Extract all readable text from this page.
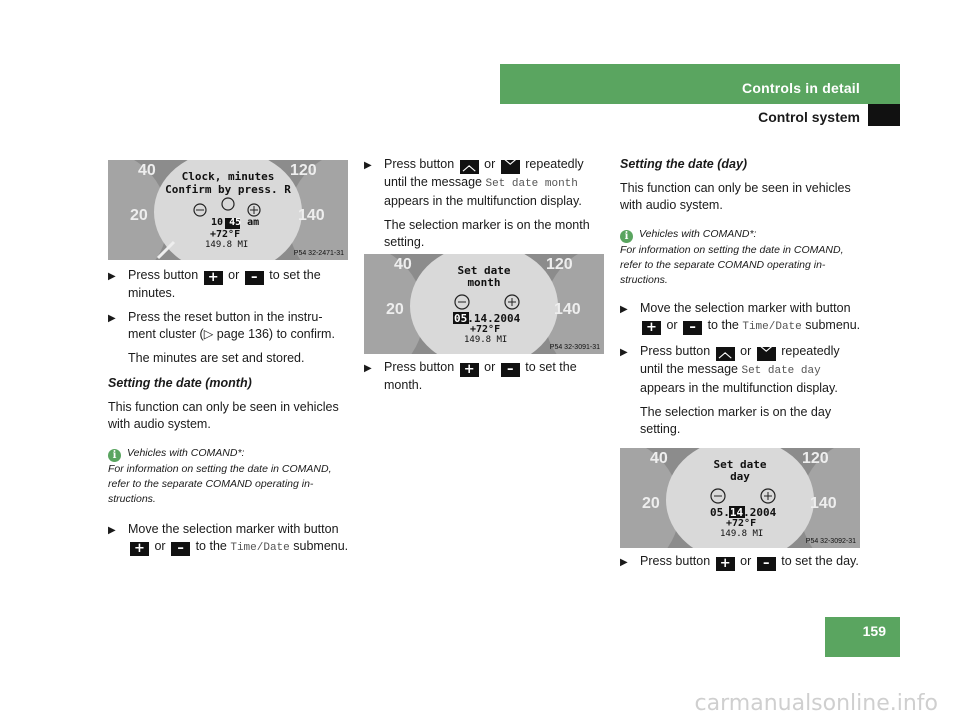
Controls in detail
Control system
40
20
120
140
Clock, minutes
Confirm by press. R
10:45 am
+72°F
149.8 MI
P54 32-2471-31

▶ Press button + or – to set the minutes.

▶ Press the reset button in the instru-ment cluster (▷ page 136) to confirm.

The minutes are set and stored.

Setting the date (month)

This function can only be seen in vehicles with audio system.

i Vehicles with COMAND*:
For information on setting the date in COMAND, refer to the separate COMAND operating in-structions.

▶ Move the selection marker with button + or – to the Time/Date submenu.

▶ Press button ︿ or ﹀ repeatedly until the message Set date month appears in the multifunction display.

The selection marker is on the month setting.

40
20
120
140
Set date
month
05.14.2004
+72°F
149.8 MI
P54 32-3091-31

▶ Press button + or – to set the month.

Setting the date (day)

This function can only be seen in vehicles with audio system.

i Vehicles with COMAND*:
For information on setting the date in COMAND, refer to the separate COMAND operating in-structions.

▶ Move the selection marker with button + or – to the Time/Date submenu.

▶ Press button ︿ or ﹀ repeatedly until the message Set date day appears in the multifunction display.

The selection marker is on the day setting.

40
20
120
140
Set date
day
05.14.2004
+72°F
149.8 MI
P54 32-3092-31

▶ Press button + or – to set the day.

159
carmanualsonline.info
